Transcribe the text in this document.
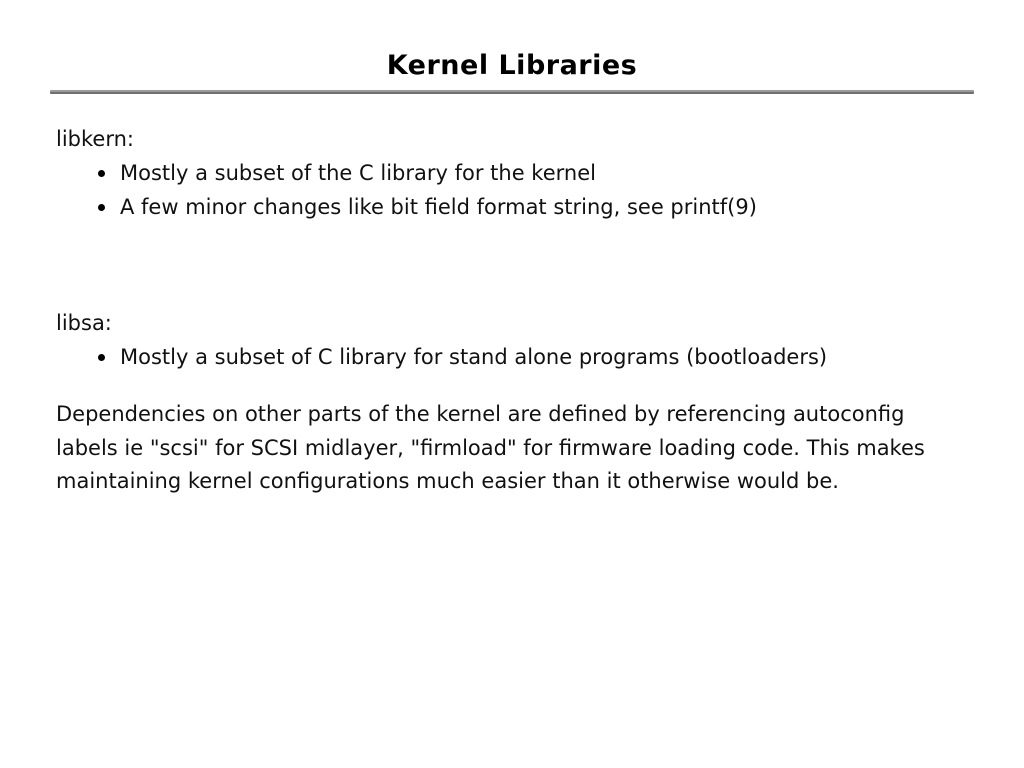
Kernel Libraries
libkern:
Mostly a subset of the C library for the kernel
A few minor changes like bit field format string, see printf(9)
libsa:
Mostly a subset of C library for stand alone programs (bootloaders)
Dependencies on other parts of the kernel are defined by referencing autoconfig labels ie "scsi" for SCSI midlayer, "firmload" for firmware loading code. This makes maintaining kernel configurations much easier than it otherwise would be.
